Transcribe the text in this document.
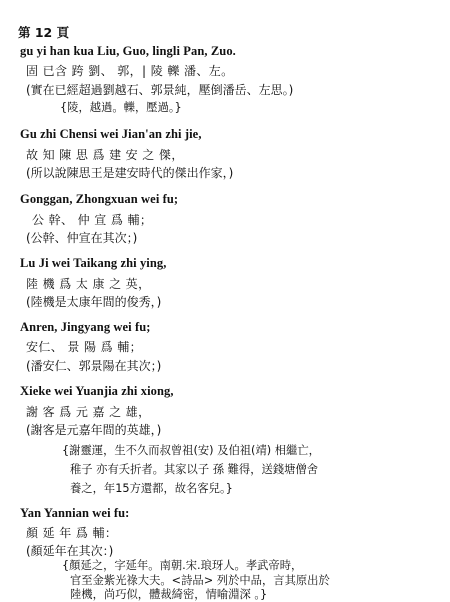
第 12 頁
gu yi han kua Liu, Guo, lingli Pan, Zuo.
固 已含 跨 劉、 郭，| 陵 轢 潘、左。
(實在已經超過劉越石、郭景純，壓倒潘岳、左思。)
{陵，越過。轢，壓過。}
Gu zhi Chensi wei Jian'an zhi jie,
故 知 陳 思 爲 建 安 之 傑，
(所以說陳思王是建安時代的傑出作家，)
Gonggan, Zhongxuan wei fu;
公 幹、 仲 宣 爲 輔；
(公幹、仲宣在其次；)
Lu Ji wei Taikang zhi ying,
陸 機 爲 太 康 之 英，
(陸機是太康年間的俊秀，)
Anren, Jingyang wei fu;
安仁、 景 陽 爲 輔；
(潘安仁、郭景陽在其次；)
Xieke wei Yuanjia zhi xiong,
謝 客 爲 元 嘉 之 雄，
(謝客是元嘉年間的英雄，)
{謝靈運，生不久而叔曾祖(安) 及伯祖(靖) 相繼亡，
稚子 亦有夭折者。其家以子 孫 難得，送錢塘僧舍
養之，年15方還都，故名客兒。}
Yan Yannian wei fu:
顏 延 年 爲 輔：
(顏延年在其次：)
{顏延之，字延年。南朝.宋.琅玡人。孝武帝時，
官至金紫光祿大夫。<詩品> 列於中品，言其原出於
陸機，尚巧似，體裁綺密，情喻淵深 。}
